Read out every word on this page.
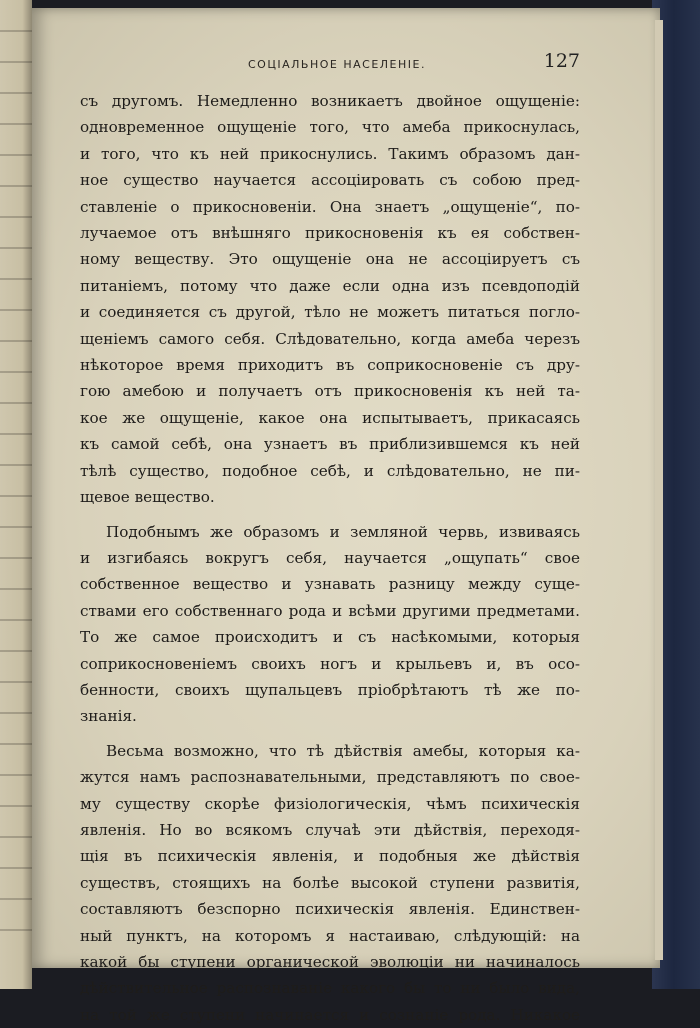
СОЦІАЛЬНОЕ НАСЕЛЕНІЕ.	127

съ другомъ. Немедленно возникаетъ двойное ощущеніе:
одновременное ощущеніе того, что амеба прикоснулась,
и того, что къ ней прикоснулись. Такимъ образомъ дан-
ное существо научается ассоціировать съ собою пред-
ставленіе о прикосновеніи. Она знаетъ „ощущеніе“, по-
лучаемое отъ внѣшняго прикосновенія къ ея собствен-
ному веществу. Это ощущеніе она не ассоціируетъ съ
питаніемъ, потому что даже если одна изъ псевдоподій
и соединяется съ другой, тѣло не можетъ питаться погло-
щеніемъ самого себя. Слѣдовательно, когда амеба черезъ
нѣкоторое время приходитъ въ соприкосновеніе съ дру-
гою амебою и получаетъ отъ прикосновенія къ ней та-
кое же ощущеніе, какое она испытываетъ, прикасаясь
къ самой себѣ, она узнаетъ въ приблизившемся къ ней
тѣлѣ существо, подобное себѣ, и слѣдовательно, не пи-
щевое вещество.

Подобнымъ же образомъ и земляной червь, извиваясь
и изгибаясь вокругъ себя, научается „ощупать“ свое
собственное вещество и узнавать разницу между суще-
ствами его собственнаго рода и всѣми другими предметами.
То же самое происходитъ и съ насѣкомыми, которыя
соприкосновеніемъ своихъ ногъ и крыльевъ и, въ осо-
бенности, своихъ щупальцевъ пріобрѣтаютъ тѣ же по-
знанія.

Весьма возможно, что тѣ дѣйствія амебы, которыя ка-
жутся намъ распознавательными, представляютъ по свое-
му существу скорѣе физіологическія, чѣмъ психическія
явленія. Но во всякомъ случаѣ эти дѣйствія, переходя-
щія въ психическія явленія, и подобныя же дѣйствія
существъ, стоящихъ на болѣе высокой ступени развитія,
составляютъ безспорно психическія явленія. Единствен-
ный пунктъ, на которомъ я настаиваю, слѣдующій: на
какой бы ступени органической эволюціи ни начиналось
дѣйствительное распознаваніе какого бы то ни было вида,
на той же ступени начинается и сознаніе рода. Никакое
